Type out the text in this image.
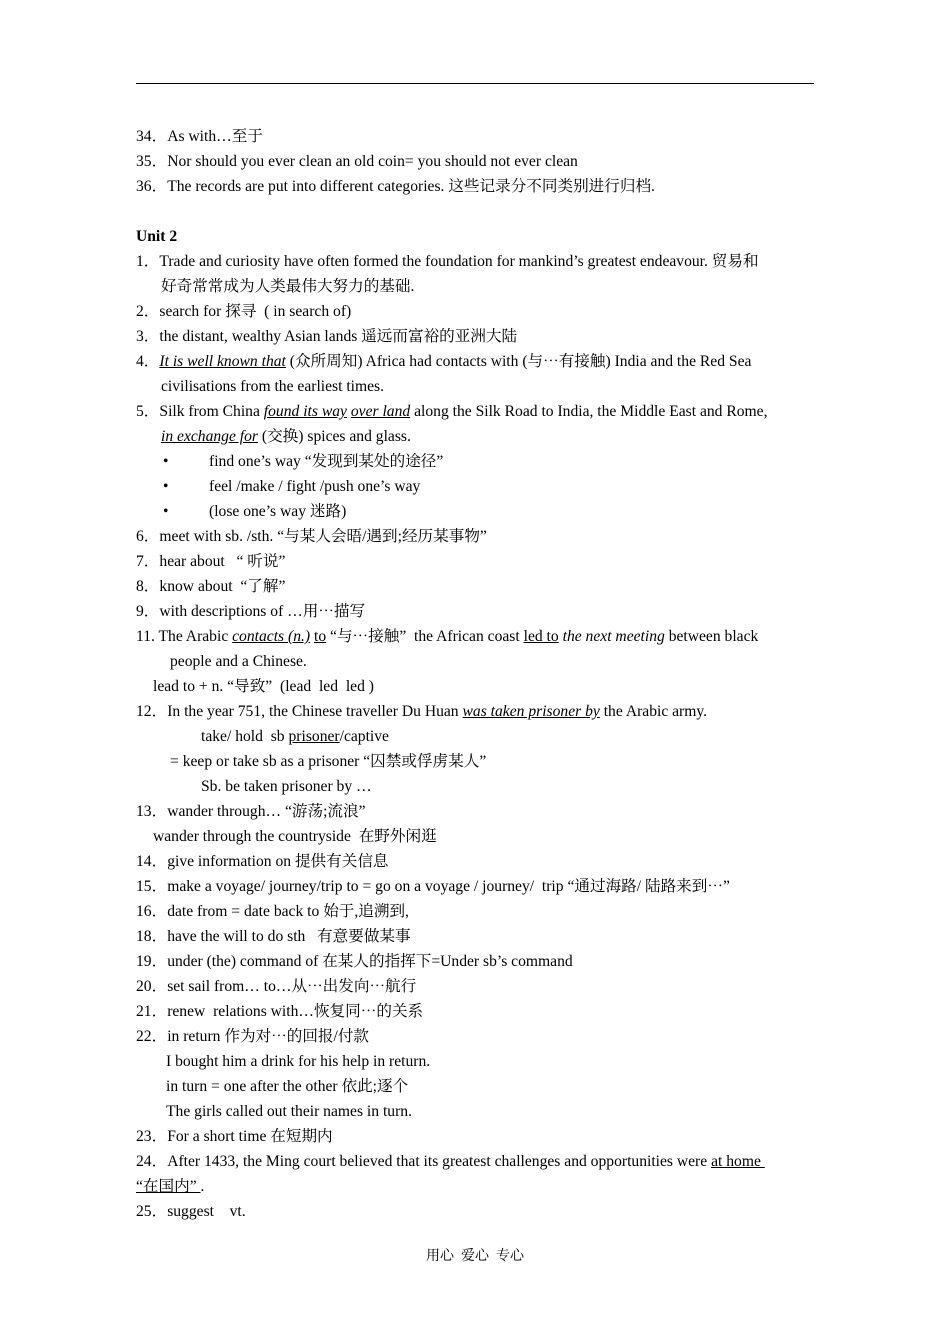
34．As with…至于
35．Nor should you ever clean an old coin= you should not ever clean
36．The records are put into different categories. 这些记录分不同类别进行归档.
Unit 2
1．Trade and curiosity have often formed the foundation for mankind’s greatest endeavour. 贸易和
好奇常常成为人类最伟大努力的基础.
2．search for 探寻  ( in search of)
3．the distant, wealthy Asian lands 遥远而富裕的亚洲大陆
4．It is well known that (众所周知) Africa had contacts with (与⋯有接触) India and the Red Sea
civilisations from the earliest times.
5．Silk from China found its way over land along the Silk Road to India, the Middle East and Rome,
in exchange for (交换) spices and glass.
•	find one’s way “发现到某处的途径”
•	feel /make / fight /push one’s way
•	(lose one’s way 迷路)
6．meet with sb. /sth. “与某人会晤/遇到;经历某事物”
7．hear about   “ 听说”
8．know about  “了解”
9．with descriptions of …用⋯描写
11. The Arabic contacts (n.) to “与⋯接触”  the African coast led to the next meeting between black
people and a Chinese.
lead to + n. “导致”  (lead  led  led )
12．In the year 751, the Chinese traveller Du Huan was taken prisoner by the Arabic army.
take/ hold  sb prisoner/captive
= keep or take sb as a prisoner “囚禁或俘虏某人”
Sb. be taken prisoner by …
13．wander through… “游荡;流浪”
wander through the countryside  在野外闲逛
14．give information on 提供有关信息
15．make a voyage/ journey/trip to = go on a voyage / journey/  trip “通过海路/ 陆路来到⋯”
16．date from = date back to 始于,追溯到,
18．have the will to do sth   有意要做某事
19．under (the) command of 在某人的指挥下=Under sb’s command
20．set sail from… to…从⋯出发向⋯航行
21．renew  relations with…恢复同⋯的关系
22．in return 作为对⋯的回报/付款
I bought him a drink for his help in return.
in turn = one after the other 依此;逐个
The girls called out their names in turn.
23．For a short time 在短期内
24．After 1433, the Ming court believed that its greatest challenges and opportunities were at home
“在国内” .
25．suggest    vt.
用心  爱心  专心
